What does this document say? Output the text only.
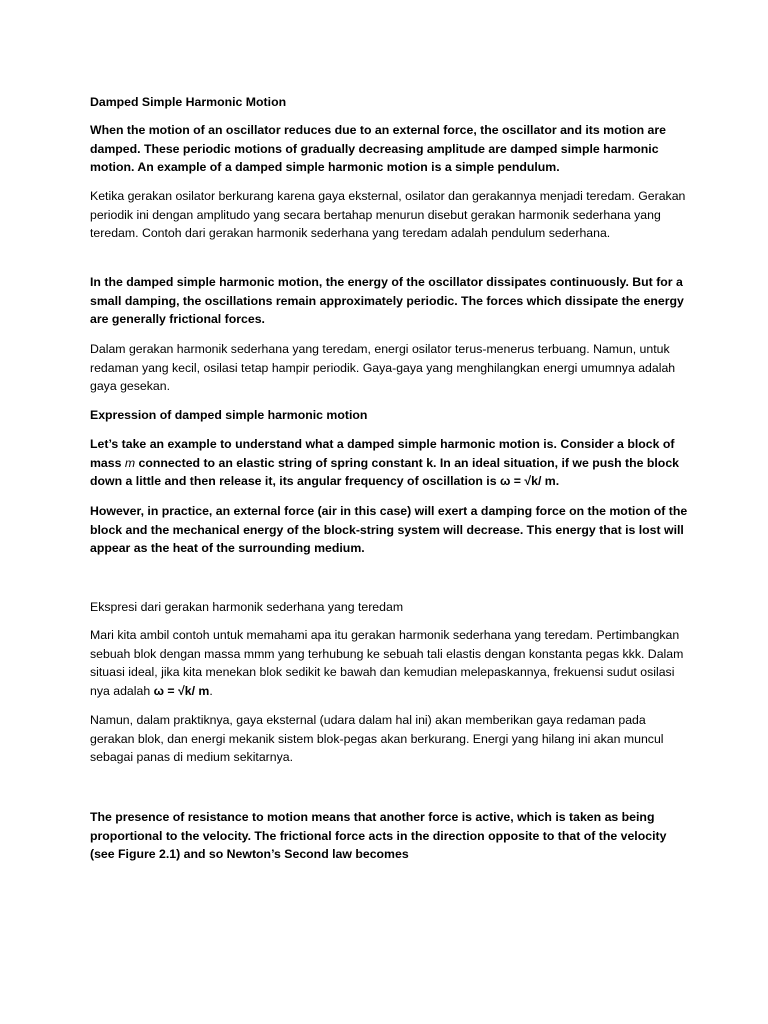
Damped Simple Harmonic Motion

When the motion of an oscillator reduces due to an external force, the oscillator and its motion are damped. These periodic motions of gradually decreasing amplitude are damped simple harmonic motion. An example of a damped simple harmonic motion is a simple pendulum.

Ketika gerakan osilator berkurang karena gaya eksternal, osilator dan gerakannya menjadi teredam. Gerakan periodik ini dengan amplitudo yang secara bertahap menurun disebut gerakan harmonik sederhana yang teredam. Contoh dari gerakan harmonik sederhana yang teredam adalah pendulum sederhana.

In the damped simple harmonic motion, the energy of the oscillator dissipates continuously. But for a small damping, the oscillations remain approximately periodic. The forces which dissipate the energy are generally frictional forces.

Dalam gerakan harmonik sederhana yang teredam, energi osilator terus-menerus terbuang. Namun, untuk redaman yang kecil, osilasi tetap hampir periodik. Gaya-gaya yang menghilangkan energi umumnya adalah gaya gesekan.

Expression of damped simple harmonic motion

Let’s take an example to understand what a damped simple harmonic motion is. Consider a block of mass m connected to an elastic string of spring constant k. In an ideal situation, if we push the block down a little and then release it, its angular frequency of oscillation is ω = √k/ m.

However, in practice, an external force (air in this case) will exert a damping force on the motion of the block and the mechanical energy of the block-string system will decrease. This energy that is lost will appear as the heat of the surrounding medium.

Ekspresi dari gerakan harmonik sederhana yang teredam

Mari kita ambil contoh untuk memahami apa itu gerakan harmonik sederhana yang teredam. Pertimbangkan sebuah blok dengan massa mmm yang terhubung ke sebuah tali elastis dengan konstanta pegas kkk. Dalam situasi ideal, jika kita menekan blok sedikit ke bawah dan kemudian melepaskannya, frekuensi sudut osilasi nya adalah ω = √k/ m.

Namun, dalam praktiknya, gaya eksternal (udara dalam hal ini) akan memberikan gaya redaman pada gerakan blok, dan energi mekanik sistem blok-pegas akan berkurang. Energi yang hilang ini akan muncul sebagai panas di medium sekitarnya.

The presence of resistance to motion means that another force is active, which is taken as being proportional to the velocity. The frictional force acts in the direction opposite to that of the velocity (see Figure 2.1) and so Newton’s Second law becomes
